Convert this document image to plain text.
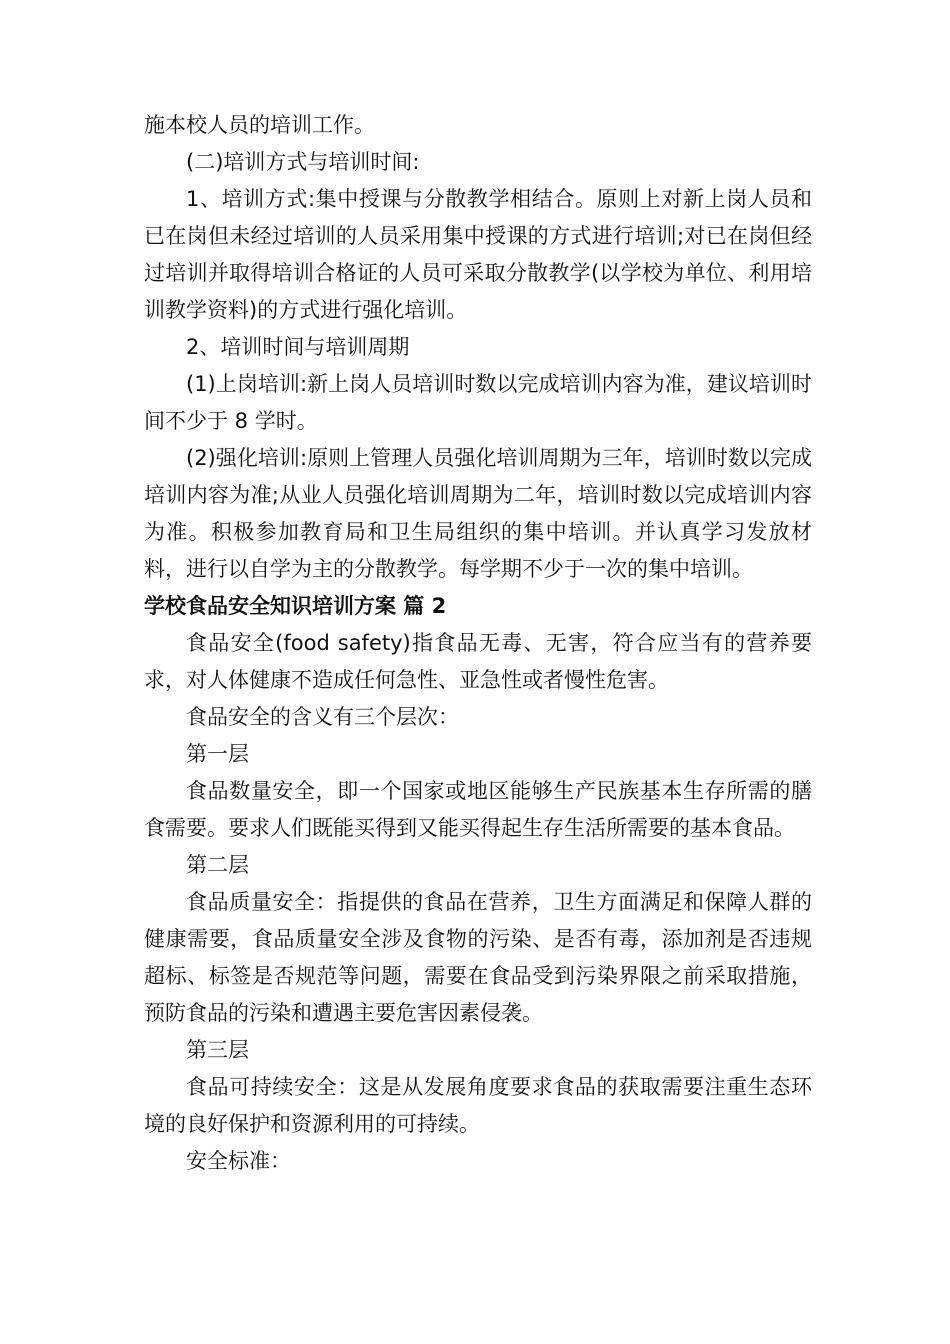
施本校人员的培训工作。

(二)培训方式与培训时间:

1、培训方式:集中授课与分散教学相结合。原则上对新上岗人员和已在岗但未经过培训的人员采用集中授课的方式进行培训;对已在岗但经过培训并取得培训合格证的人员可采取分散教学(以学校为单位、利用培训教学资料)的方式进行强化培训。

2、培训时间与培训周期

(1)上岗培训:新上岗人员培训时数以完成培训内容为准，建议培训时间不少于 8 学时。

(2)强化培训:原则上管理人员强化培训周期为三年，培训时数以完成培训内容为准;从业人员强化培训周期为二年，培训时数以完成培训内容为准。积极参加教育局和卫生局组织的集中培训。并认真学习发放材料，进行以自学为主的分散教学。每学期不少于一次的集中培训。

学校食品安全知识培训方案 篇 2

食品安全(food safety)指食品无毒、无害，符合应当有的营养要求，对人体健康不造成任何急性、亚急性或者慢性危害。

食品安全的含义有三个层次：

第一层

食品数量安全，即一个国家或地区能够生产民族基本生存所需的膳食需要。要求人们既能买得到又能买得起生存生活所需要的基本食品。

第二层

食品质量安全：指提供的食品在营养，卫生方面满足和保障人群的健康需要，食品质量安全涉及食物的污染、是否有毒，添加剂是否违规超标、标签是否规范等问题，需要在食品受到污染界限之前采取措施，预防食品的污染和遭遇主要危害因素侵袭。

第三层

食品可持续安全：这是从发展角度要求食品的获取需要注重生态环境的良好保护和资源利用的可持续。

安全标准：
